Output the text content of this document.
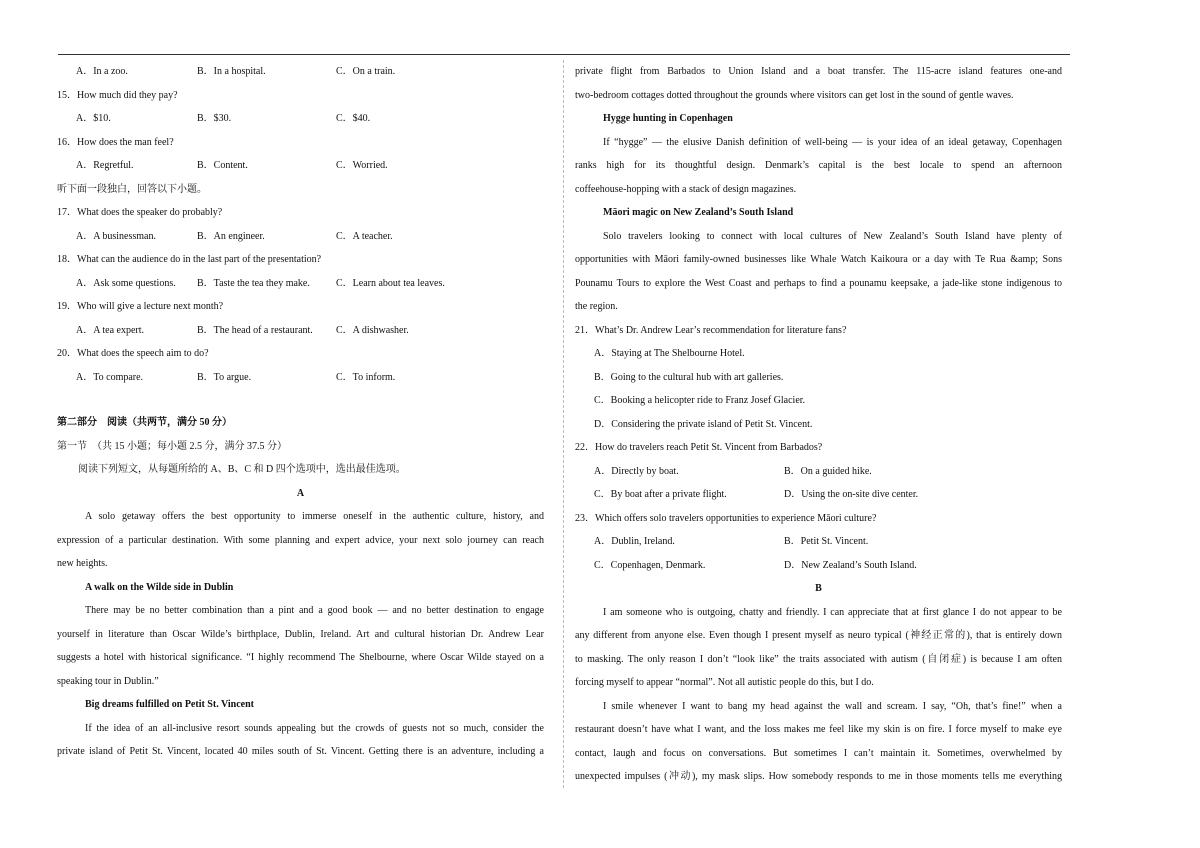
A．In a zoo.	B．In a hospital.	C．On a train.
15．How much did they pay?
A．$10.	B．$30.	C．$40.
16．How does the man feel?
A．Regretful.	B．Content.	C．Worried.
听下面一段独白，回答以下小题。
17．What does the speaker do probably?
A．A businessman.	B．An engineer.	C．A teacher.
18．What can the audience do in the last part of the presentation?
A．Ask some questions. B．Taste the tea they make.	C．Learn about tea leaves.
19．Who will give a lecture next month?
A．A tea expert.	B．The head of a restaurant. C．A dishwasher.
20．What does the speech aim to do?
A．To compare.	B．To argue.	C．To inform.
第二部分　阅读（共两节，满分 50 分）
第一节　（共 15 小题；每小题 2.5 分，满分 37.5 分）
阅读下列短文，从每题所给的 A、B、C 和 D 四个选项中，选出最佳选项。
A
A solo getaway offers the best opportunity to immerse oneself in the authentic culture, history, and
expression of a particular destination. With some planning and expert advice, your next solo journey can reach
new heights.
A walk on the Wilde side in Dublin
There may be no better combination than a pint and a good book — and no better destination to engage
yourself in literature than Oscar Wilde’s birthplace, Dublin, Ireland. Art and cultural historian Dr. Andrew Lear
suggests a hotel with historical significance. “I highly recommend The Shelbourne, where Oscar Wilde stayed on a
speaking tour in Dublin.”
Big dreams fulfilled on Petit St. Vincent
If the idea of an all-inclusive resort sounds appealing but the crowds of guests not so much, consider the
private island of Petit St. Vincent, located 40 miles south of St. Vincent. Getting there is an adventure, including a
private flight from Barbados to Union Island and a boat transfer. The 115-acre island features one-and
two-bedroom cottages dotted throughout the grounds where visitors can get lost in the sound of gentle waves.
Hygge hunting in Copenhagen
If “hygge” — the elusive Danish definition of well-being — is your idea of an ideal getaway, Copenhagen
ranks high for its thoughtful design. Denmark’s capital is the best locale to spend an afternoon
coffeehouse-hopping with a stack of design magazines.
Māori magic on New Zealand’s South Island
Solo travelers looking to connect with local cultures of New Zealand’s South Island have plenty of
opportunities with Māori family-owned businesses like Whale Watch Kaikoura or a day with Te Rua &amp; Sons
Pounamu Tours to explore the West Coast and perhaps to find a pounamu keepsake, a jade-like stone indigenous to
the region.
21．What’s Dr. Andrew Lear’s recommendation for literature fans?
A．Staying at The Shelbourne Hotel.
B．Going to the cultural hub with art galleries.
C．Booking a helicopter ride to Franz Josef Glacier.
D．Considering the private island of Petit St. Vincent.
22．How do travelers reach Petit St. Vincent from Barbados?
A．Directly by boat.	B．On a guided hike.
C．By boat after a private flight.	D．Using the on-site dive center.
23．Which offers solo travelers opportunities to experience Māori culture?
A．Dublin, Ireland.	B．Petit St. Vincent.
C．Copenhagen, Denmark.	D．New Zealand’s South Island.
B
I am someone who is outgoing, chatty and friendly. I can appreciate that at first glance I do not appear to be
any different from anyone else. Even though I present myself as neuro typical (神经正常的), that is entirely down
to masking. The only reason I don’t “look like” the traits associated with autism (自闭症) is because I am often
forcing myself to appear “normal”. Not all autistic people do this, but I do.
I smile whenever I want to bang my head against the wall and scream. I say, “Oh, that’s fine!” when a
restaurant doesn’t have what I want, and the loss makes me feel like my skin is on fire. I force myself to make eye
contact, laugh and focus on conversations. But sometimes I can’t maintain it. Sometimes, overwhelmed by
unexpected impulses (冲动), my mask slips. How somebody responds to me in those moments tells me everything
